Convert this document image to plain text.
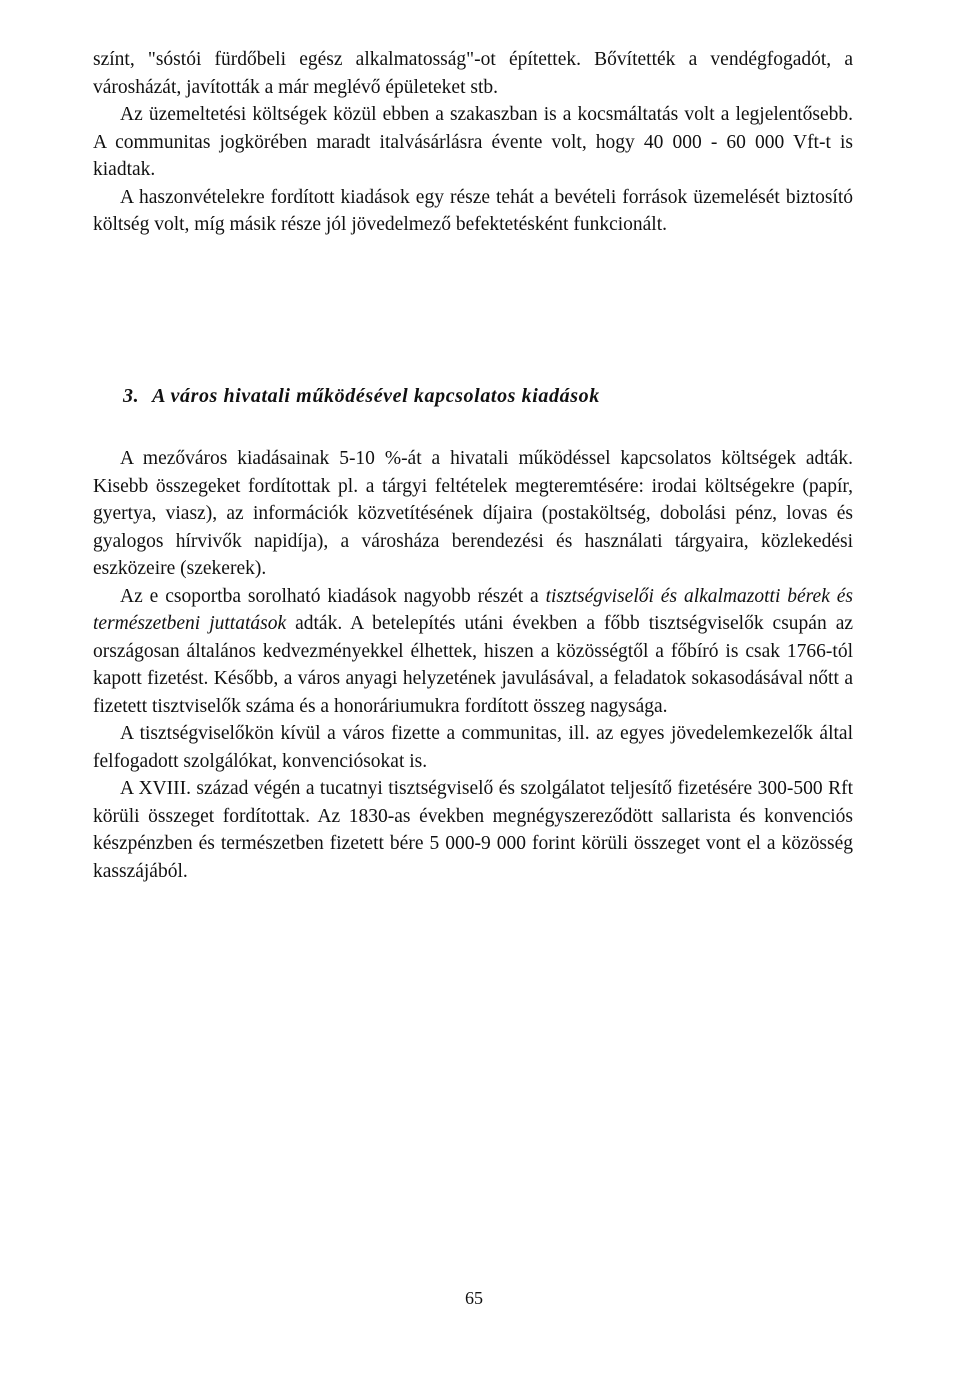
színt, "sóstói fürdőbeli egész alkalmatosság"-ot építettek. Bővítették a vendégfogadót, a városházát, javították a már meglévő épületeket stb.

Az üzemeltetési költségek közül ebben a szakaszban is a kocsmáltatás volt a legjelentősebb. A communitas jogkörében maradt italvásárlásra évente volt, hogy 40 000 - 60 000 Vft-t is kiadtak.

A haszonvételekre fordított kiadások egy része tehát a bevételi források üzemelését biztosító költség volt, míg másik része jól jövedelmező befektetésként funkcionált.

3. A város hivatali működésével kapcsolatos kiadások

A mezőváros kiadásainak 5-10 %-át a hivatali működéssel kapcsolatos költségek adták. Kisebb összegeket fordítottak pl. a tárgyi feltételek megteremtésére: irodai költségekre (papír, gyertya, viasz), az információk közvetítésének díjaira (postaköltség, dobolási pénz, lovas és gyalogos hírvivők napidíja), a városháza berendezési és használati tárgyaira, közlekedési eszközeire (szekerek).

Az e csoportba sorolható kiadások nagyobb részét a tisztségviselői és alkalmazotti bérek és természetbeni juttatások adták. A betelepítés utáni években a főbb tisztségviselők csupán az országosan általános kedvezményekkel élhettek, hiszen a közösségtől a főbíró is csak 1766-tól kapott fizetést. Később, a város anyagi helyzetének javulásával, a feladatok sokasodásával nőtt a fizetett tisztviselők száma és a honoráriumukra fordított összeg nagysága.

A tisztségviselőkön kívül a város fizette a communitas, ill. az egyes jövedelemkezelők által felfogadott szolgálókat, konvenciósokat is.

A XVIII. század végén a tucatnyi tisztségviselő és szolgálatot teljesítő fizetésére 300-500 Rft körüli összeget fordítottak. Az 1830-as években megnégyszereződött sallarista és konvenciós készpénzben és természetben fizetett bére 5 000-9 000 forint körüli összeget vont el a közösség kasszájából.

65
